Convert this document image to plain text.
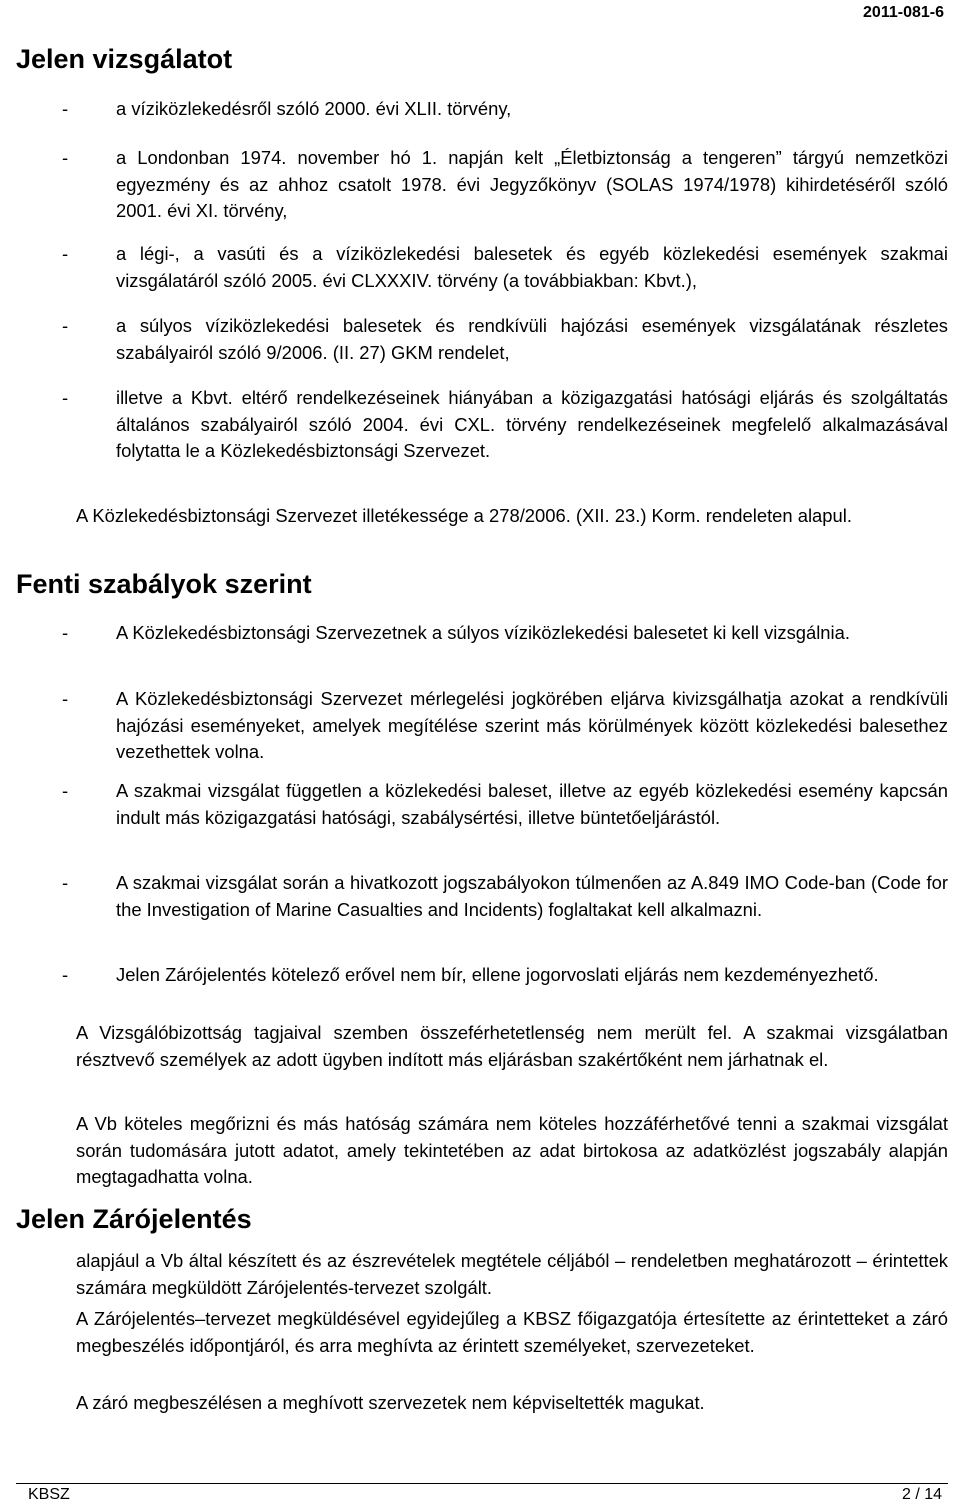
2011-081-6
Jelen vizsgálatot
-	a víziközlekedésről szóló 2000. évi XLII. törvény,
-	a Londonban 1974. november hó 1. napján kelt „Életbiztonság a tengeren” tárgyú nemzetközi egyezmény és az ahhoz csatolt 1978. évi Jegyzőkönyv (SOLAS 1974/1978) kihirdetéséről szóló 2001. évi XI. törvény,
-	a légi-, a vasúti és a víziközlekedési balesetek és egyéb közlekedési események szakmai vizsgálatáról szóló 2005. évi CLXXXIV. törvény (a továbbiakban: Kbvt.),
-	a súlyos víziközlekedési balesetek és rendkívüli hajózási események vizsgálatának részletes szabályairól szóló 9/2006. (II. 27) GKM rendelet,
-	illetve a Kbvt. eltérő rendelkezéseinek hiányában a közigazgatási hatósági eljárás és szolgáltatás általános szabályairól szóló 2004. évi CXL. törvény rendelkezéseinek megfelelő alkalmazásával folytatta le a Közlekedésbiztonsági Szervezet.
A Közlekedésbiztonsági Szervezet illetékessége a 278/2006. (XII. 23.) Korm. rendeleten alapul.
Fenti szabályok szerint
-	A Közlekedésbiztonsági Szervezetnek a súlyos víziközlekedési balesetet ki kell vizsgálnia.
-	A Közlekedésbiztonsági Szervezet mérlegelési jogkörében eljárva kivizsgálhatja azokat a rendkívüli hajózási eseményeket, amelyek megítélése szerint más körülmények között közlekedési balesethez vezethettek volna.
-	A szakmai vizsgálat független a közlekedési baleset, illetve az egyéb közlekedési esemény kapcsán indult más közigazgatási hatósági, szabálysértési, illetve büntetőeljárástól.
-	A szakmai vizsgálat során a hivatkozott jogszabályokon túlmenően az A.849 IMO Code-ban (Code for the Investigation of Marine Casualties and Incidents) foglaltakat kell alkalmazni.
-	Jelen Zárójelentés kötelező erővel nem bír, ellene jogorvoslati eljárás nem kezdeményezhető.
A Vizsgálóbizottság tagjaival szemben összeférhetetlenség nem merült fel. A szakmai vizsgálatban résztvevő személyek az adott ügyben indított más eljárásban szakértőként nem járhatnak el.
A Vb köteles megőrizni és más hatóság számára nem köteles hozzáférhetővé tenni a szakmai vizsgálat során tudomására jutott adatot, amely tekintetében az adat birtokosa az adatközlést jogszabály alapján megtagadhatta volna.
Jelen Zárójelentés
alapjául a Vb által készített és az észrevételek megtétele céljából – rendeletben meghatározott – érintettek számára megküldött Zárójelentés-tervezet szolgált.
A Zárójelentés–tervezet megküldésével egyidejűleg a KBSZ főigazgatója értesítette az érintetteket a záró megbeszélés időpontjáról, és arra meghívta az érintett személyeket, szervezeteket.
A záró megbeszélésen a meghívott szervezetek nem képviseltették magukat.
KBSZ	2 / 14
